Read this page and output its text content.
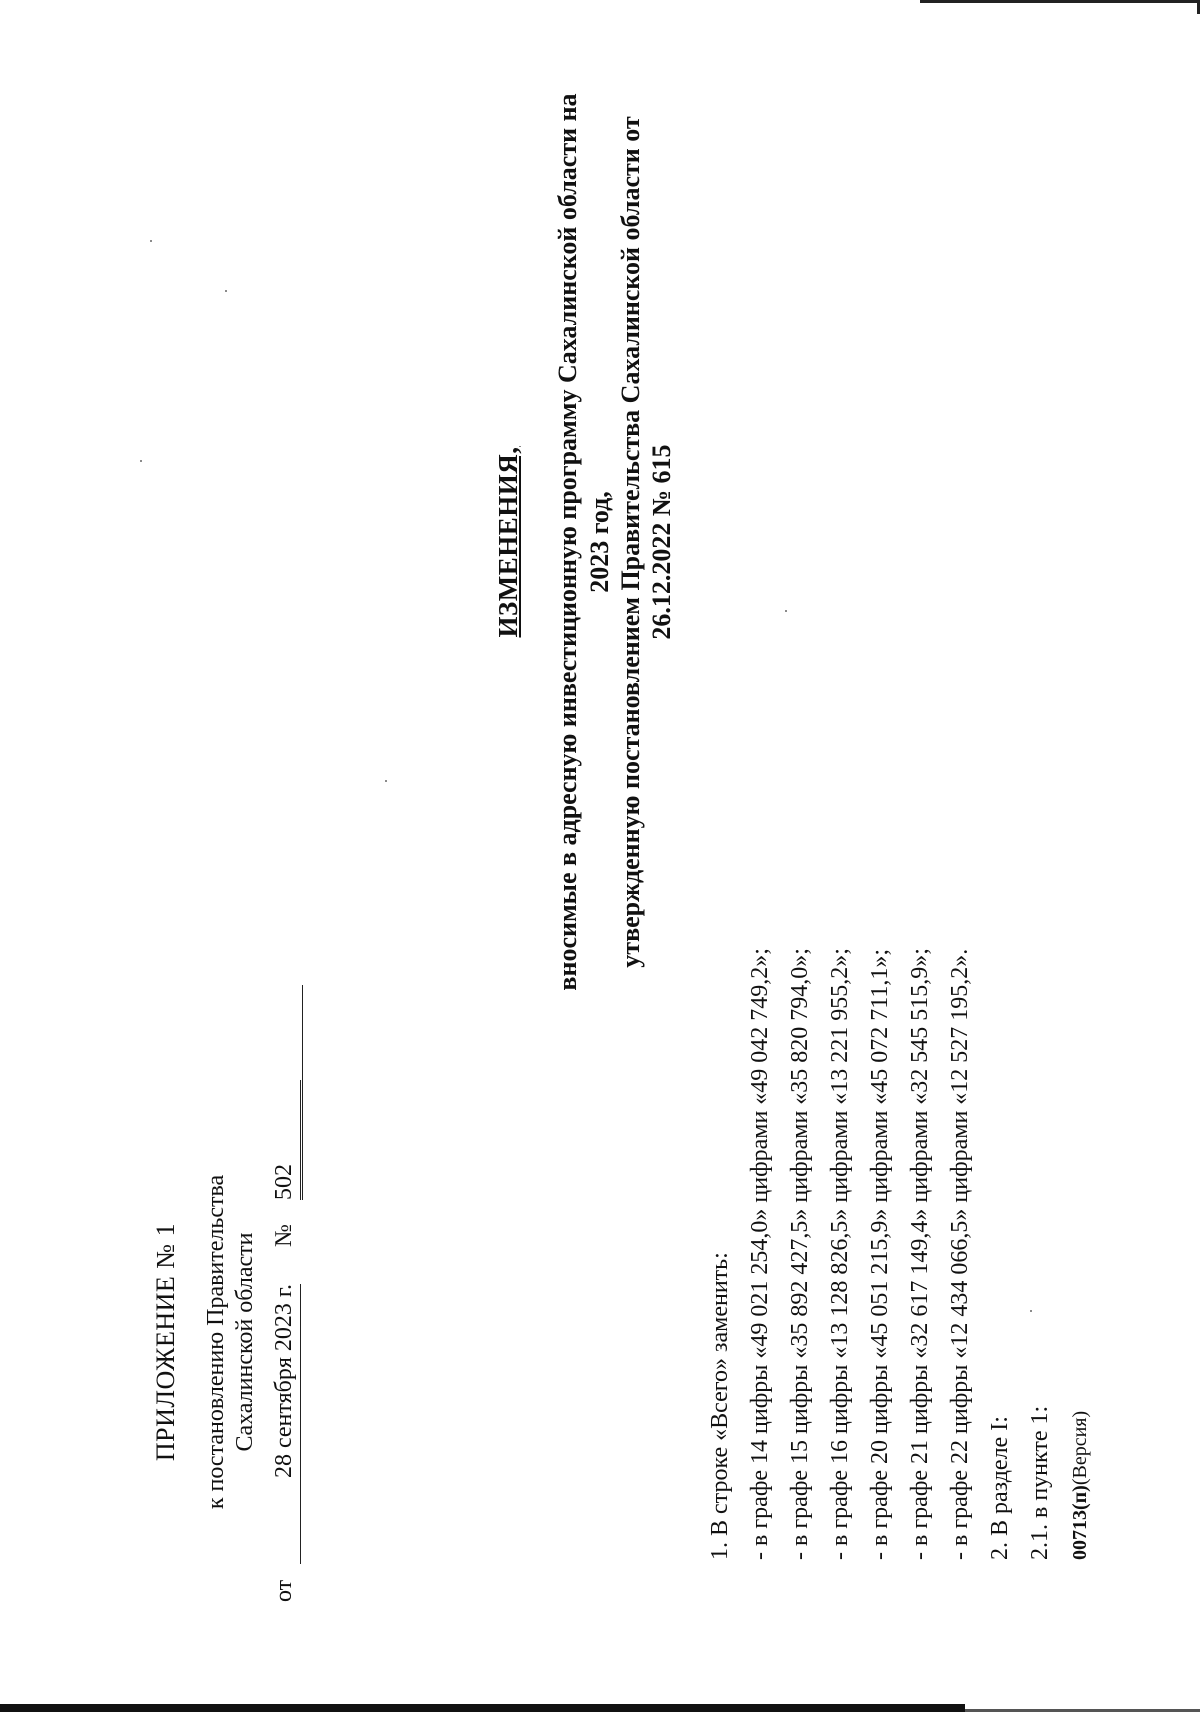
ПРИЛОЖЕНИЕ № 1 к постановлению Правительства Сахалинской области
от
28 сентября 2023 г.
№
502
ИЗМЕНЕНИЯ, вносимые в адресную инвестиционную программу Сахалинской области на 2023 год, утвержденную постановлением Правительства Сахалинской области от 26.12.2022 № 615
1. В строке «Всего» заменить: - в графе 14 цифры «49 021 254,0» цифрами «49 042 749,2»; - в графе 15 цифры «35 892 427,5» цифрами «35 820 794,0»; - в графе 16 цифры «13 128 826,5» цифрами «13 221 955,2»; - в графе 20 цифры «45 051 215,9» цифрами «45 072 711,1»; - в графе 21 цифры «32 617 149,4» цифрами «32 545 515,9»; - в графе 22 цифры «12 434 066,5» цифрами «12 527 195,2». 2. В разделе I: 2.1. в пункте 1: 00713(п)(Версия)
